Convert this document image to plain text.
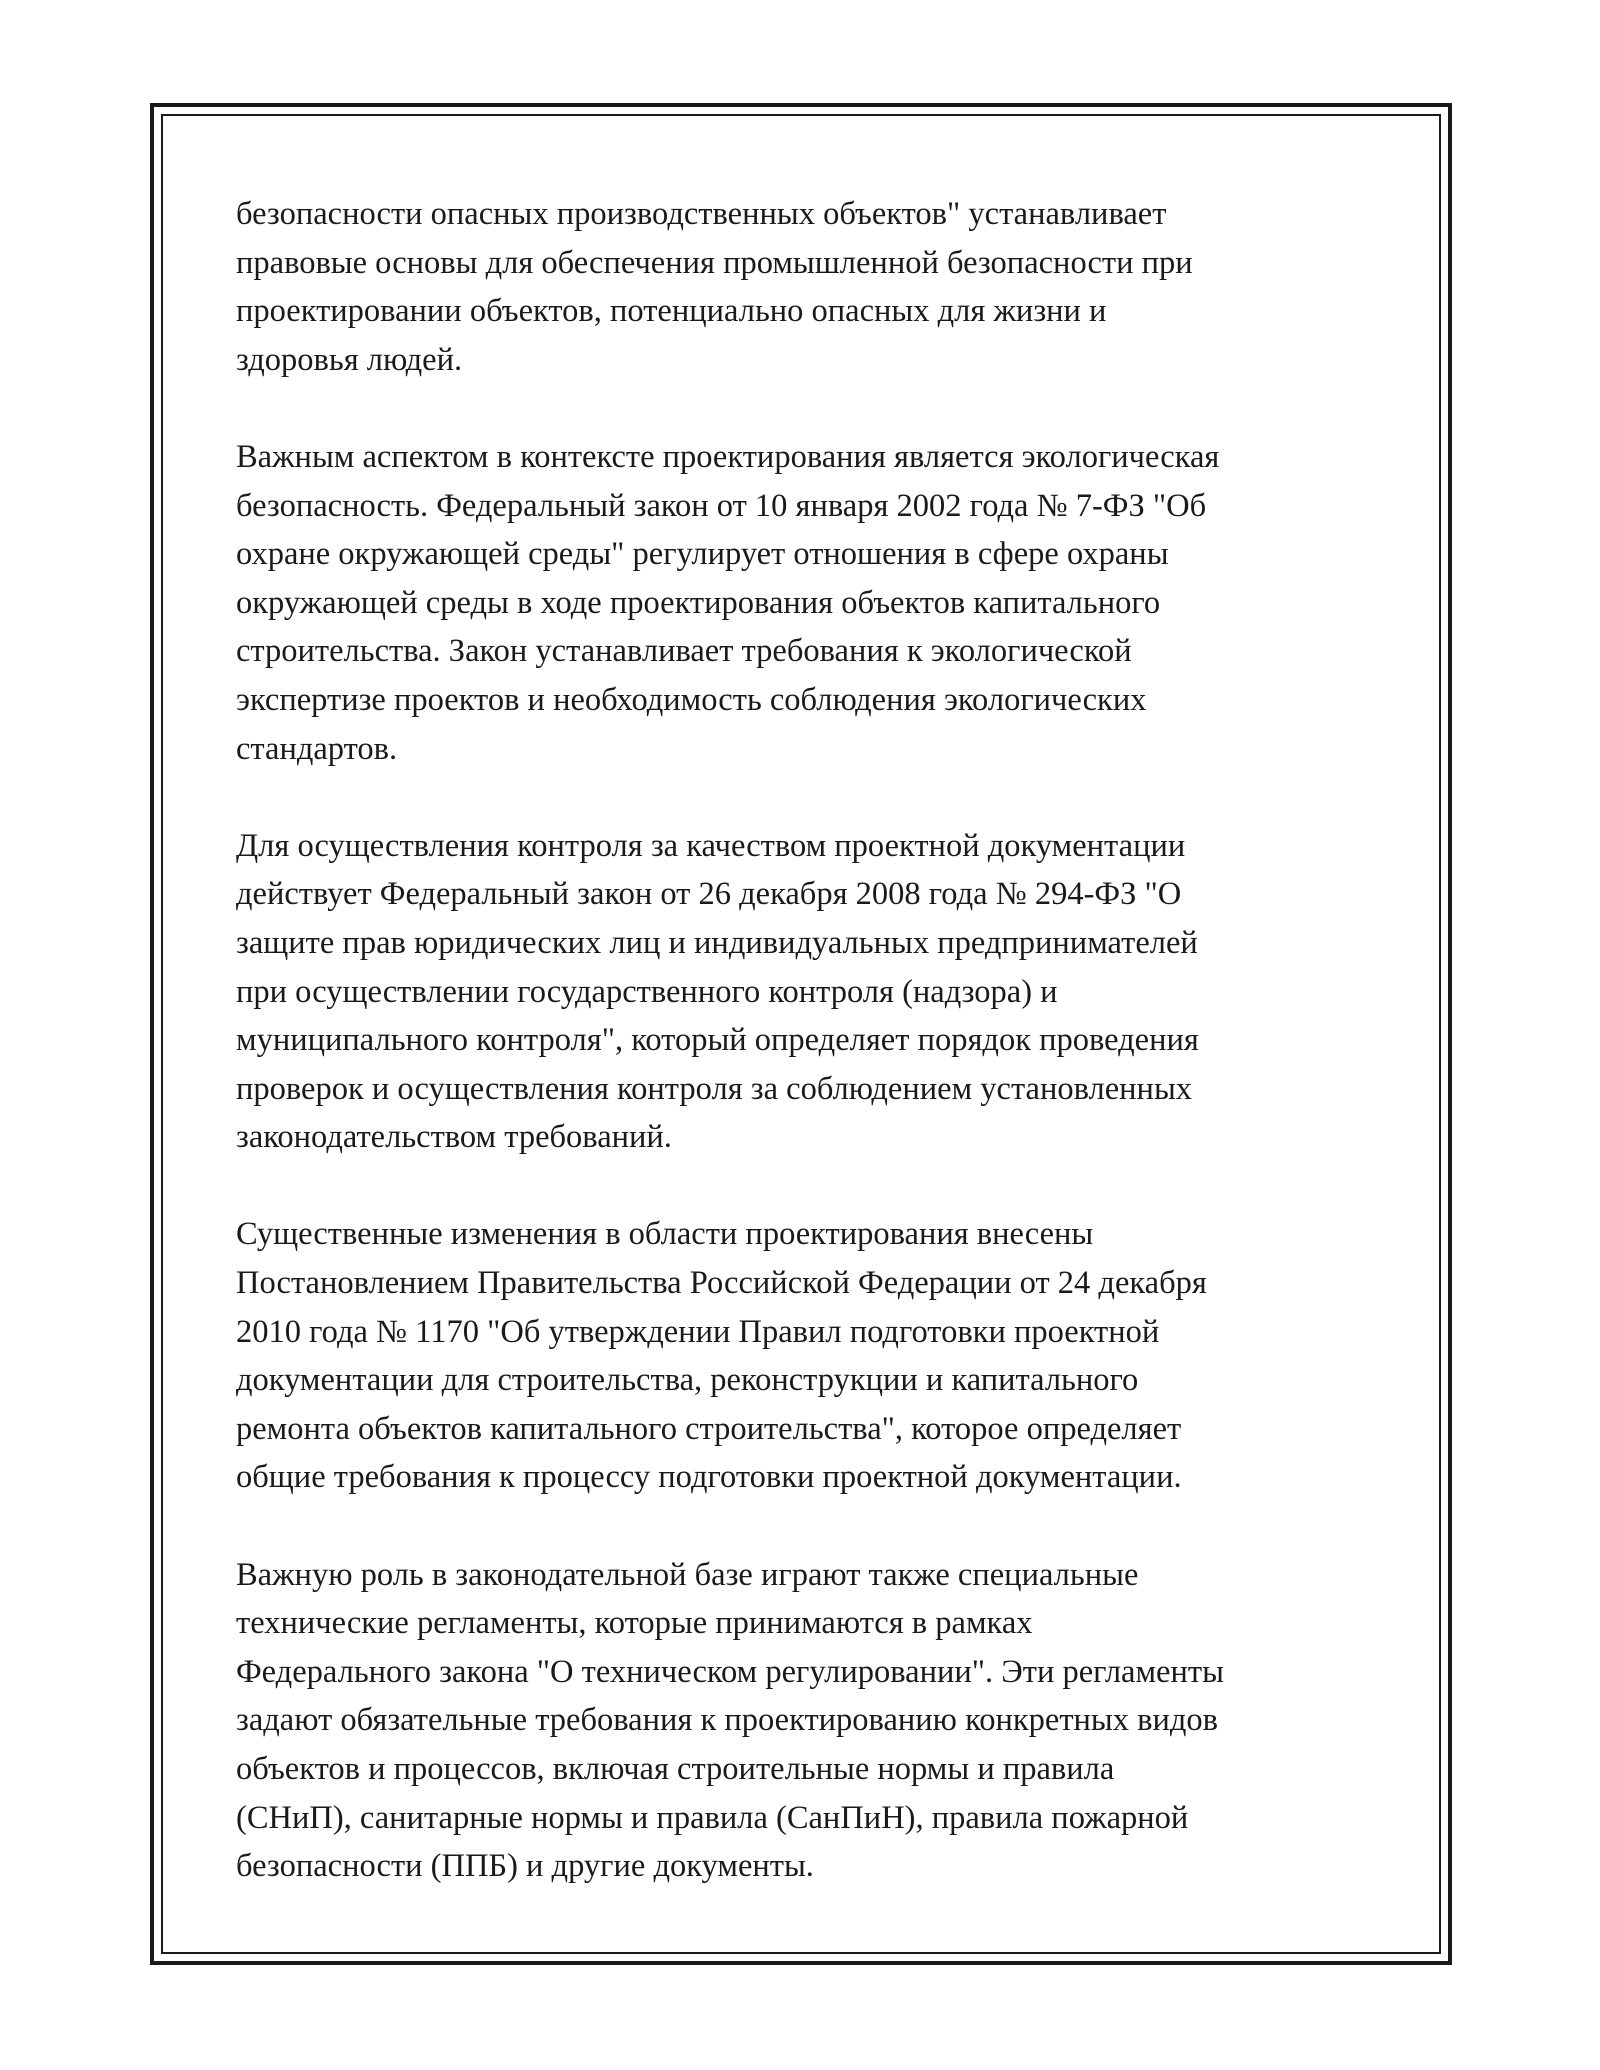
безопасности опасных производственных объектов" устанавливает
правовые основы для обеспечения промышленной безопасности при
проектировании объектов, потенциально опасных для жизни и
здоровья людей.

Важным аспектом в контексте проектирования является экологическая
безопасность. Федеральный закон от 10 января 2002 года № 7-ФЗ "Об
охране окружающей среды" регулирует отношения в сфере охраны
окружающей среды в ходе проектирования объектов капитального
строительства. Закон устанавливает требования к экологической
экспертизе проектов и необходимость соблюдения экологических
стандартов.

Для осуществления контроля за качеством проектной документации
действует Федеральный закон от 26 декабря 2008 года № 294-ФЗ "О
защите прав юридических лиц и индивидуальных предпринимателей
при осуществлении государственного контроля (надзора) и
муниципального контроля", который определяет порядок проведения
проверок и осуществления контроля за соблюдением установленных
законодательством требований.

Существенные изменения в области проектирования внесены
Постановлением Правительства Российской Федерации от 24 декабря
2010 года № 1170 "Об утверждении Правил подготовки проектной
документации для строительства, реконструкции и капитального
ремонта объектов капитального строительства", которое определяет
общие требования к процессу подготовки проектной документации.

Важную роль в законодательной базе играют также специальные
технические регламенты, которые принимаются в рамках
Федерального закона "О техническом регулировании". Эти регламенты
задают обязательные требования к проектированию конкретных видов
объектов и процессов, включая строительные нормы и правила
(СНиП), санитарные нормы и правила (СанПиН), правила пожарной
безопасности (ППБ) и другие документы.
